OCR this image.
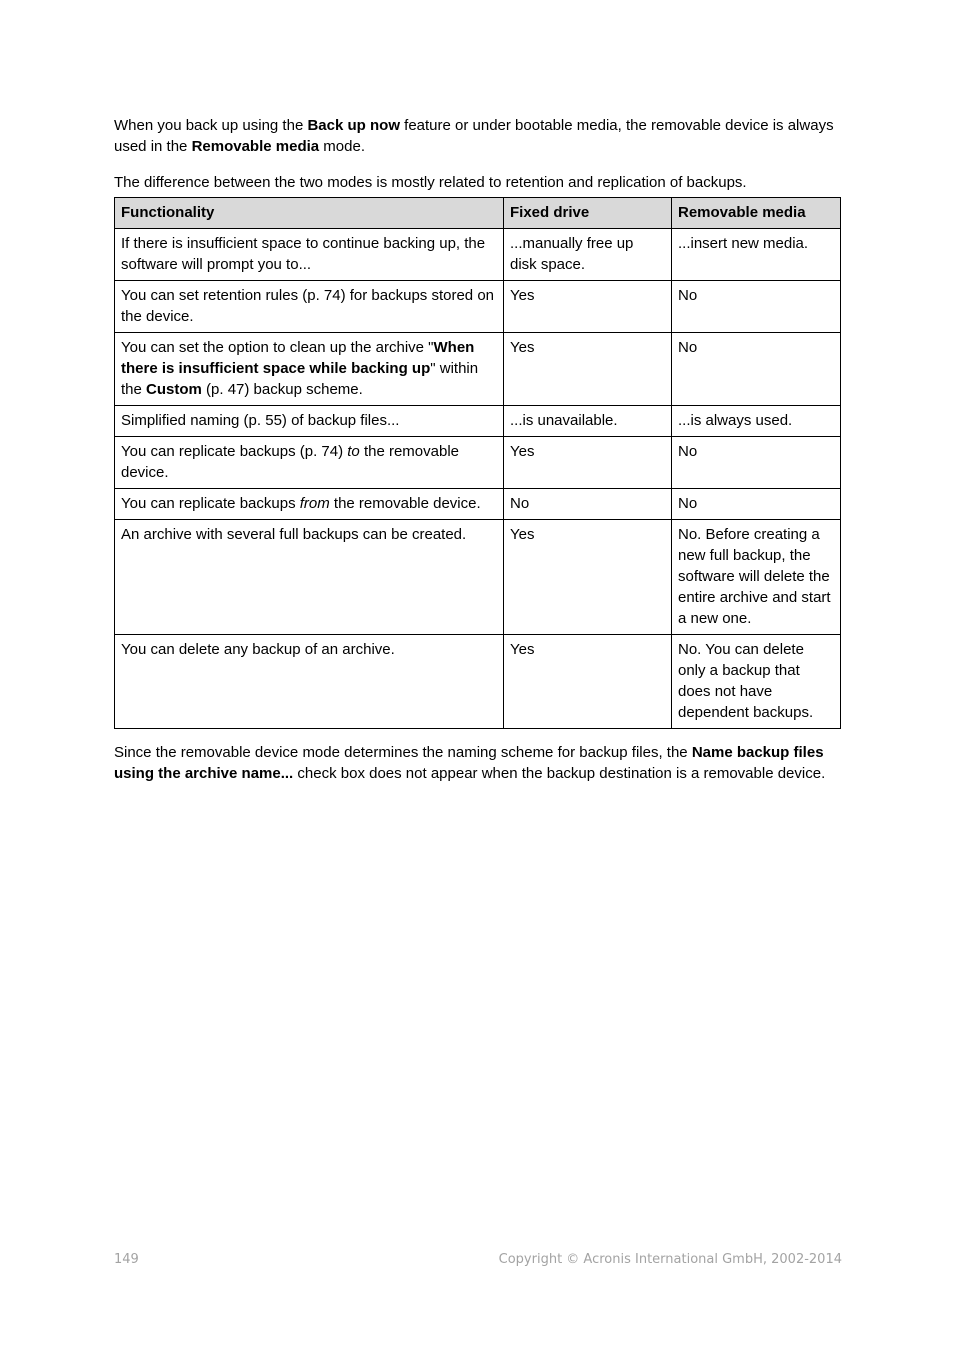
When you back up using the Back up now feature or under bootable media, the removable device is always used in the Removable media mode.

The difference between the two modes is mostly related to retention and replication of backups.

Functionality	Fixed drive	Removable media
If there is insufficient space to continue backing up, the software will prompt you to...	...manually free up disk space.	...insert new media.
You can set retention rules (p. 74) for backups stored on the device.	Yes	No
You can set the option to clean up the archive "When there is insufficient space while backing up" within the Custom (p. 47) backup scheme.	Yes	No
Simplified naming (p. 55) of backup files...	...is unavailable.	...is always used.
You can replicate backups (p. 74) to the removable device.	Yes	No
You can replicate backups from the removable device.	No	No
An archive with several full backups can be created.	Yes	No. Before creating a new full backup, the software will delete the entire archive and start a new one.
You can delete any backup of an archive.	Yes	No. You can delete only a backup that does not have dependent backups.

Since the removable device mode determines the naming scheme for backup files, the Name backup files using the archive name... check box does not appear when the backup destination is a removable device.

149	Copyright © Acronis International GmbH, 2002-2014
